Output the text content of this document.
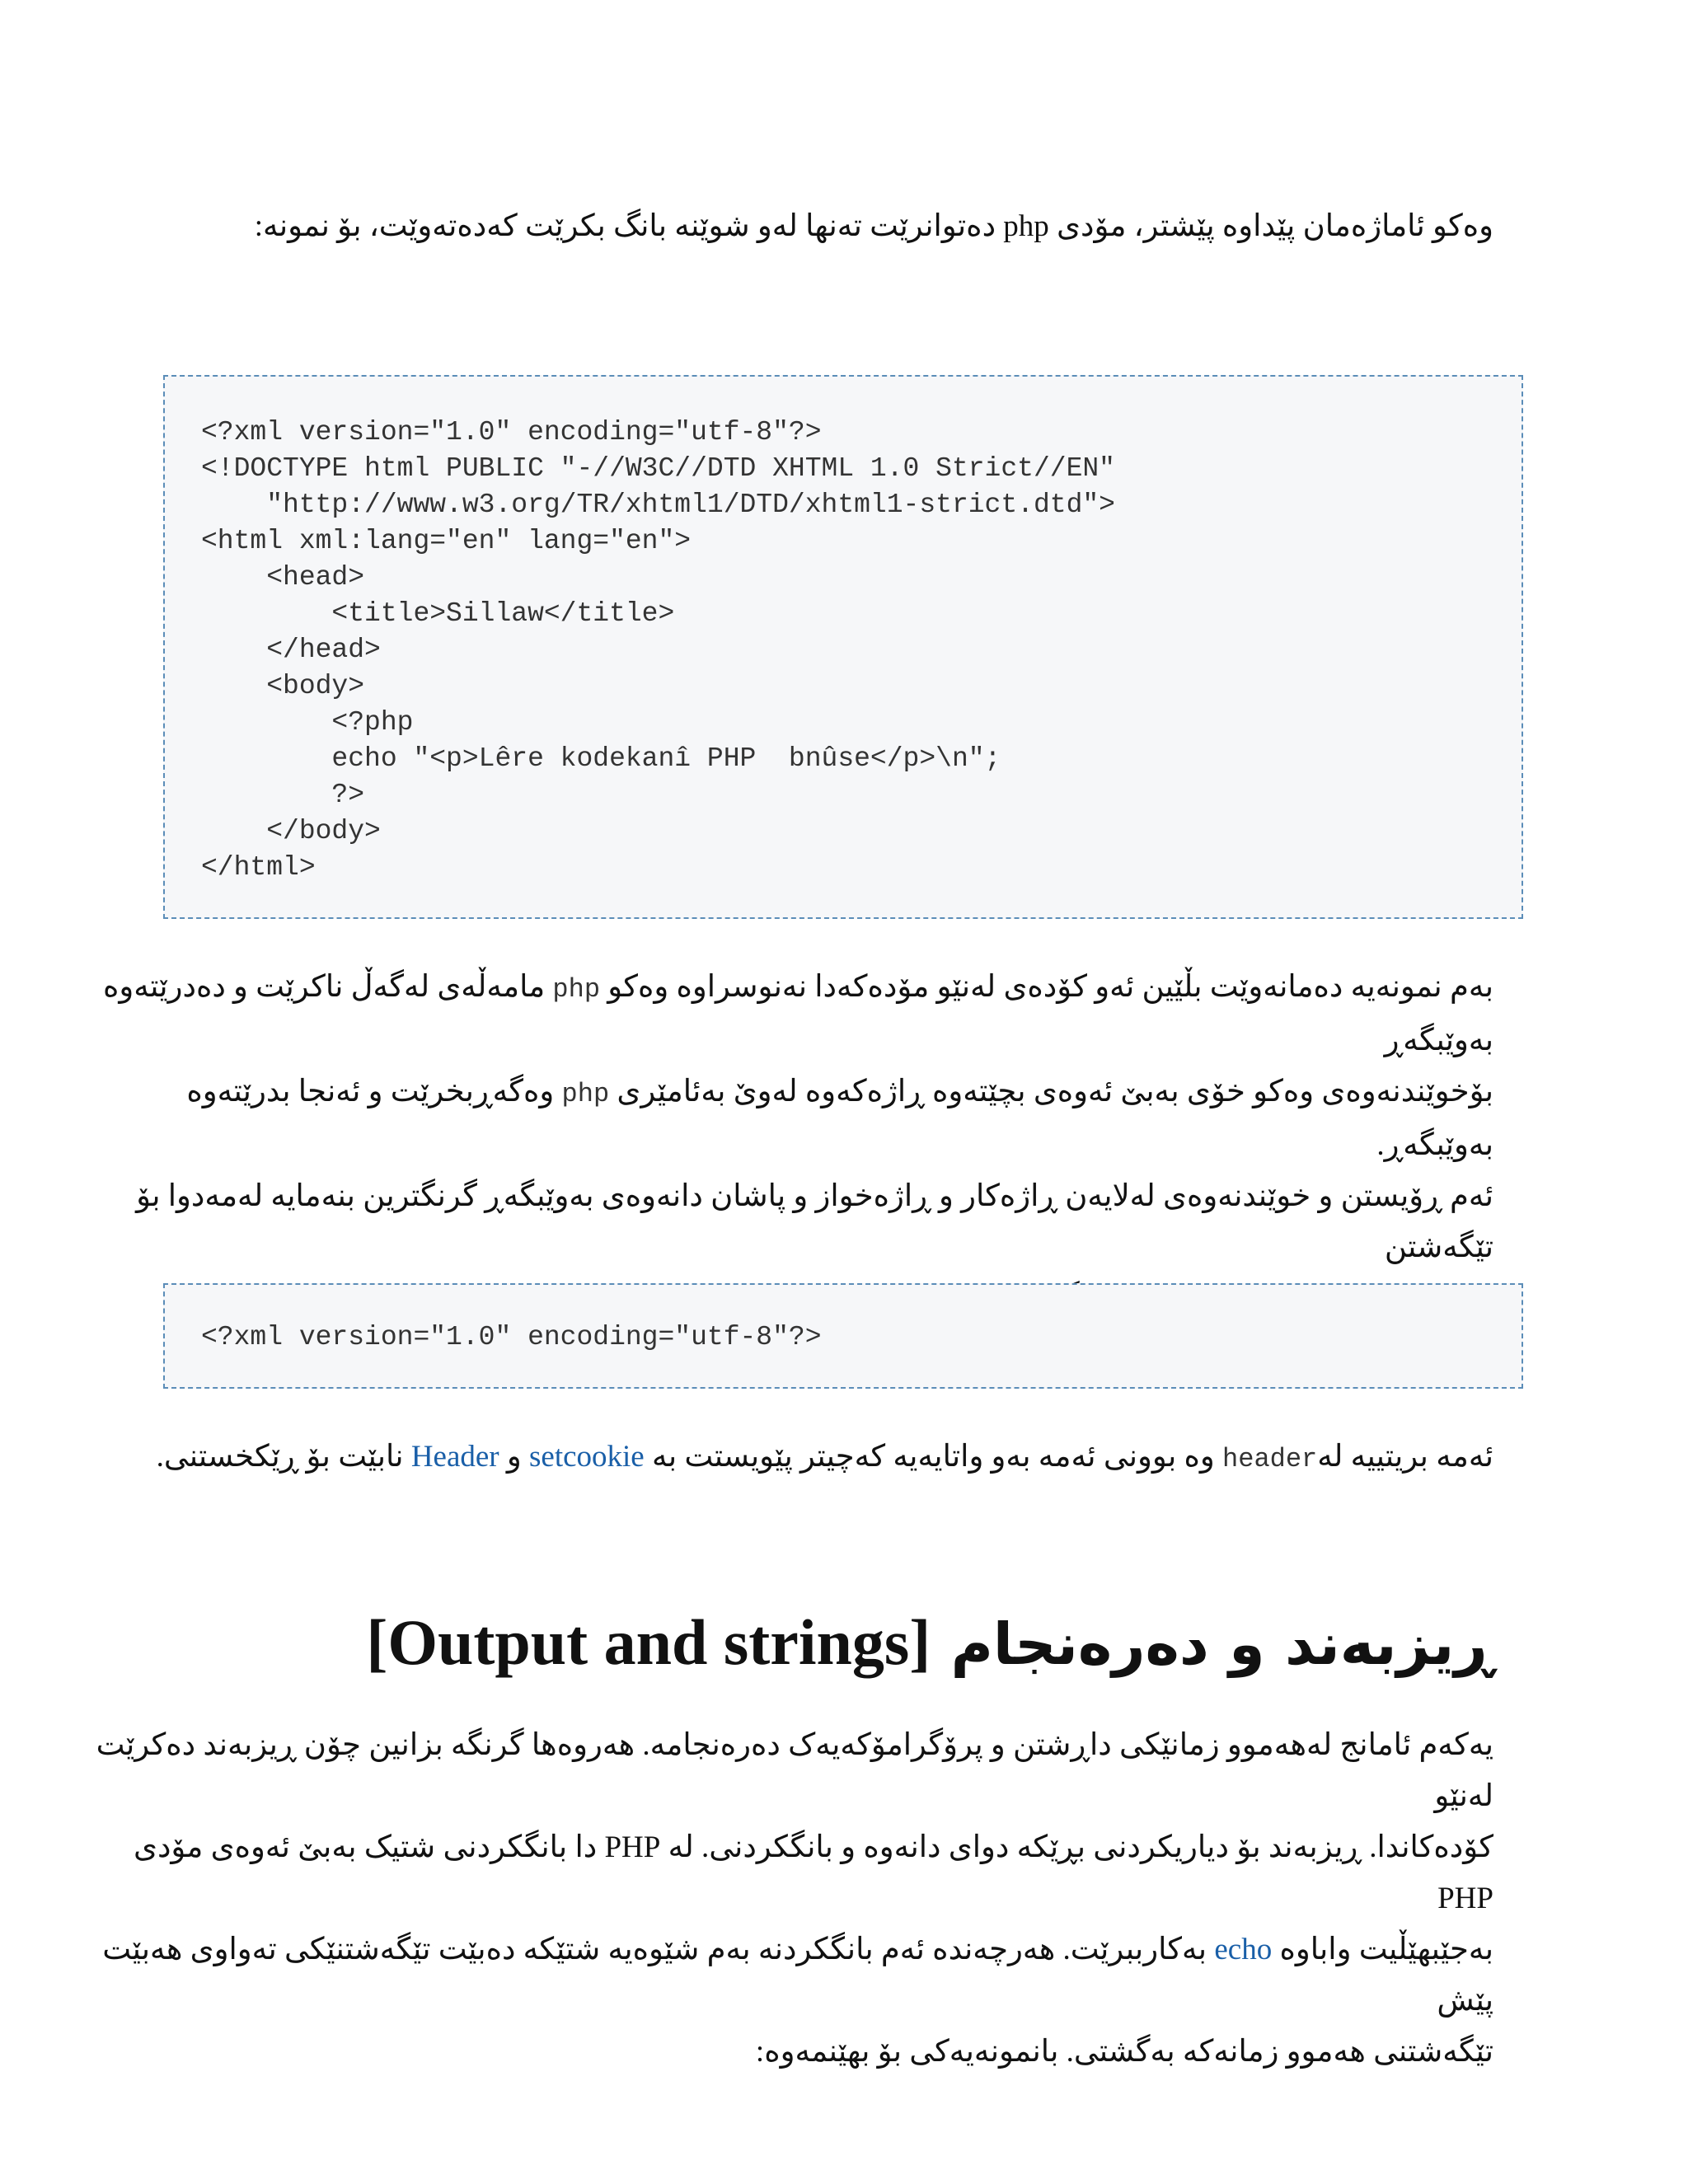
وەکو ئاماژەمان پێداوە پێشتر، مۆدی php دەتوانرێت تەنها لەو شوێنە بانگ بکرێت کەدەتەوێت، بۆ نمونە:
<?xml version="1.0" encoding="utf-8"?>
<!DOCTYPE html PUBLIC "-//W3C//DTD XHTML 1.0 Strict//EN"
"http://www.w3.org/TR/xhtml1/DTD/xhtml1-strict.dtd">
<html xml:lang="en" lang="en">
<head>
<title>Sillaw</title>
</head>
<body>
<?php
echo "<p>Lêre kodekanî PHP  bnûse</p>\n";
?>
</body>
</html>
بەم نمونەیە دەمانەوێت بڵێین ئەو کۆدەی لەنێو مۆدەکەدا نەنوسراوە وەکو php مامەڵەی لەگەڵ ناکرێت و دەدرێتەوە بەوێبگەڕ
بۆخوێندنەوەی وەکو خۆی بەبێ ئەوەی بچێتەوە ڕاژەکەوە لەوێ بەئامێری php وەگەڕبخرێت و ئەنجا بدرێتەوە بەوێبگەڕ.
ئەم ڕۆیستن و خوێندنەوەی لەلایەن ڕاژەکار و ڕاژەخواز و پاشان دانەوەی بەوێبگەڕ گرنگترین بنەمایە لەمەدوا بۆ تێگەشتن
<?xml version="1.0" encoding="utf-8"?>
ئەمە بریتییە لەheader وە بوونی ئەمە بەو واتایەیە کەچیتر پێویستت بە setcookie و Header نابێت بۆ ڕێکخستنی.
ڕیزبەند و دەرەنجام [Output and strings]
یەکەم ئامانج لەهەموو زمانێکی داڕشتن و پرۆگرامۆکەیەک دەرەنجامە. هەروەها گرنگە بزانین چۆن ڕیزبەند دەکرێت لەنێو
کۆدەکاندا. ڕیزبەند بۆ دیاریکردنی بڕێکە دوای دانەوە و بانگکردنی. لە PHP دا بانگکردنی شتیک بەبێ ئەوەی مۆدی PHP
بەجێبهێڵیت واباوە echo بەکارببرێت. هەرچەندە ئەم بانگکردنە بەم شێوەیە شتێکە دەبێت تێگەشتنێکی تەواوی هەبێت پێش
تێگەشتنی هەموو زمانەکە بەگشتی. بانمونەیەکی بۆ بهێنمەوە:
